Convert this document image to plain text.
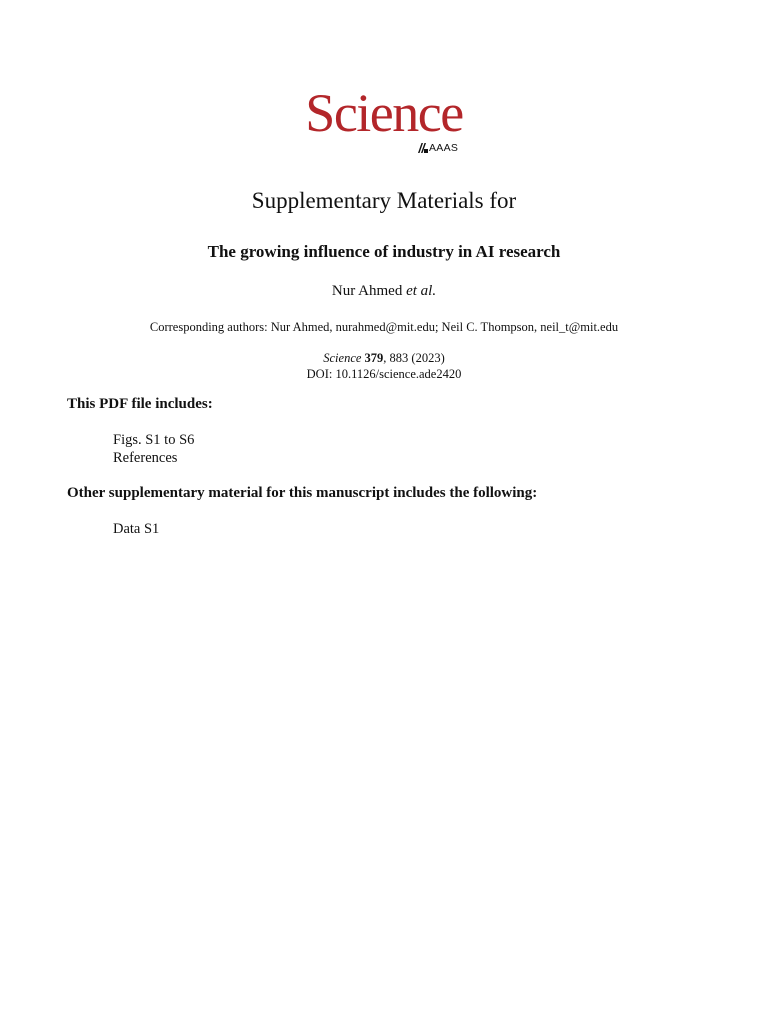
Science
AAAS
Supplementary Materials for
The growing influence of industry in AI research
Nur Ahmed et al.
Corresponding authors: Nur Ahmed, nurahmed@mit.edu; Neil C. Thompson, neil_t@mit.edu
Science 379, 883 (2023)
DOI: 10.1126/science.ade2420
This PDF file includes:
Figs. S1 to S6
References
Other supplementary material for this manuscript includes the following:
Data S1
